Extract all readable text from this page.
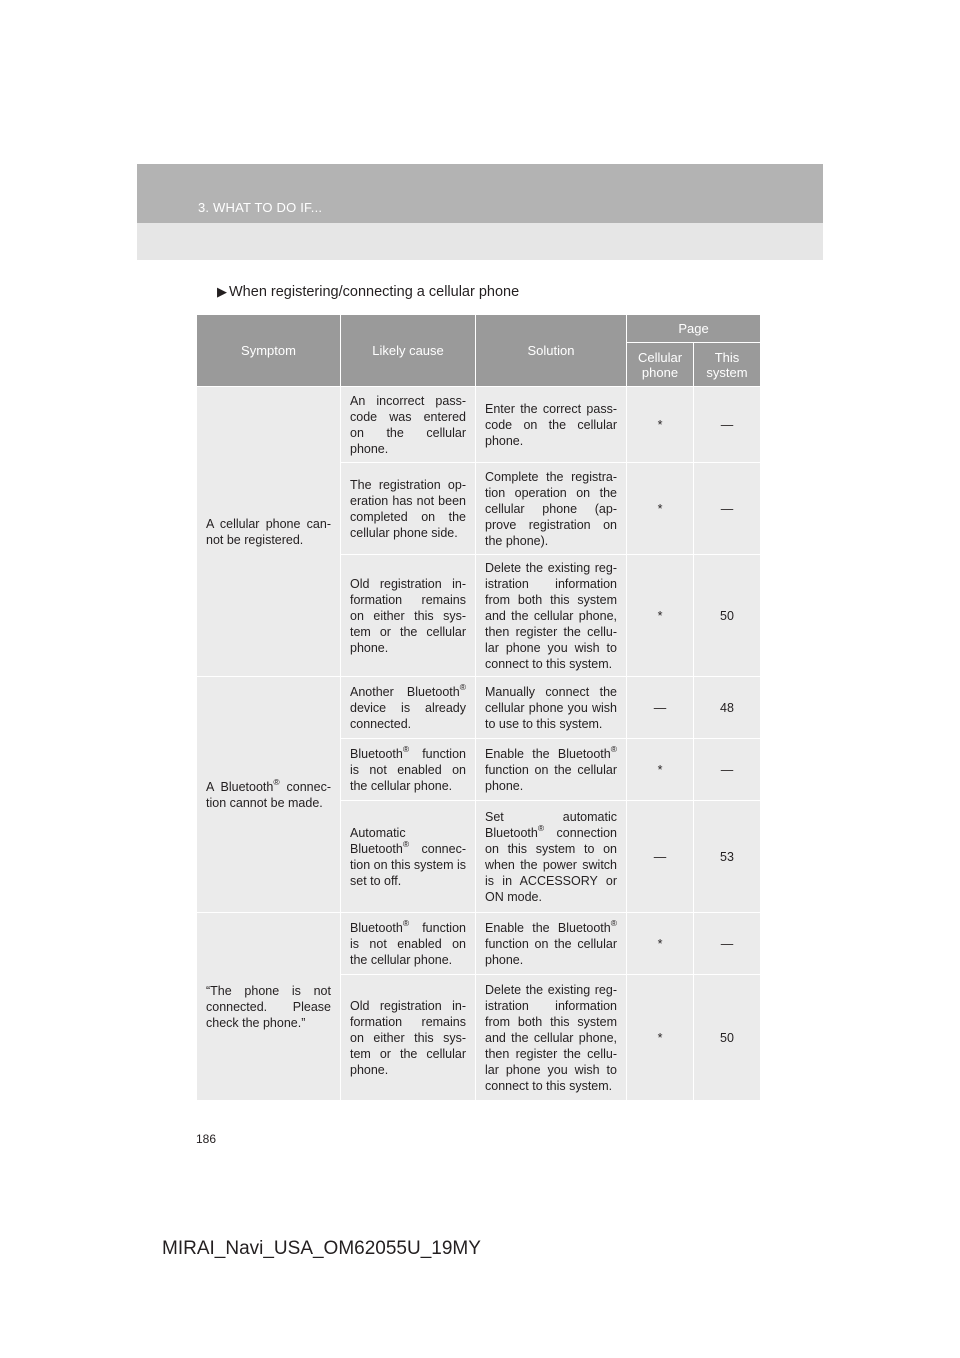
3. WHAT TO DO IF...
▶ When registering/connecting a cellular phone
Symptom	Likely cause	Solution	Page	
			Cellular phone	This system
A cellular phone can-not be registered.	An incorrect pass-code was entered on the cellular phone.	Enter the correct pass-code on the cellular phone.	*	—
	The registration op-eration has not been completed on the cellular phone side.	Complete the registra-tion operation on the cellular phone (ap-prove registration on the phone).	*	—
	Old registration in-formation remains on either this sys-tem or the cellular phone.	Delete the existing reg-istration information from both this system and the cellular phone, then register the cellu-lar phone you wish to connect to this system.	*	50
A Bluetooth® connec-tion cannot be made.	Another Bluetooth® device is already connected.	Manually connect the cellular phone you wish to use to this system.	—	48
	Bluetooth® function is not enabled on the cellular phone.	Enable the Bluetooth® function on the cellular phone.	*	—
	Automatic Bluetooth® connec-tion on this system is set to off.	Set automatic Bluetooth® connection on this system to on when the power switch is in ACCESSORY or ON mode.	—	53
“The phone is not connected. Please check the phone.”	Bluetooth® function is not enabled on the cellular phone.	Enable the Bluetooth® function on the cellular phone.	*	—
	Old registration in-formation remains on either this sys-tem or the cellular phone.	Delete the existing reg-istration information from both this system and the cellular phone, then register the cellu-lar phone you wish to connect to this system.	*	50
186
MIRAI_Navi_USA_OM62055U_19MY
